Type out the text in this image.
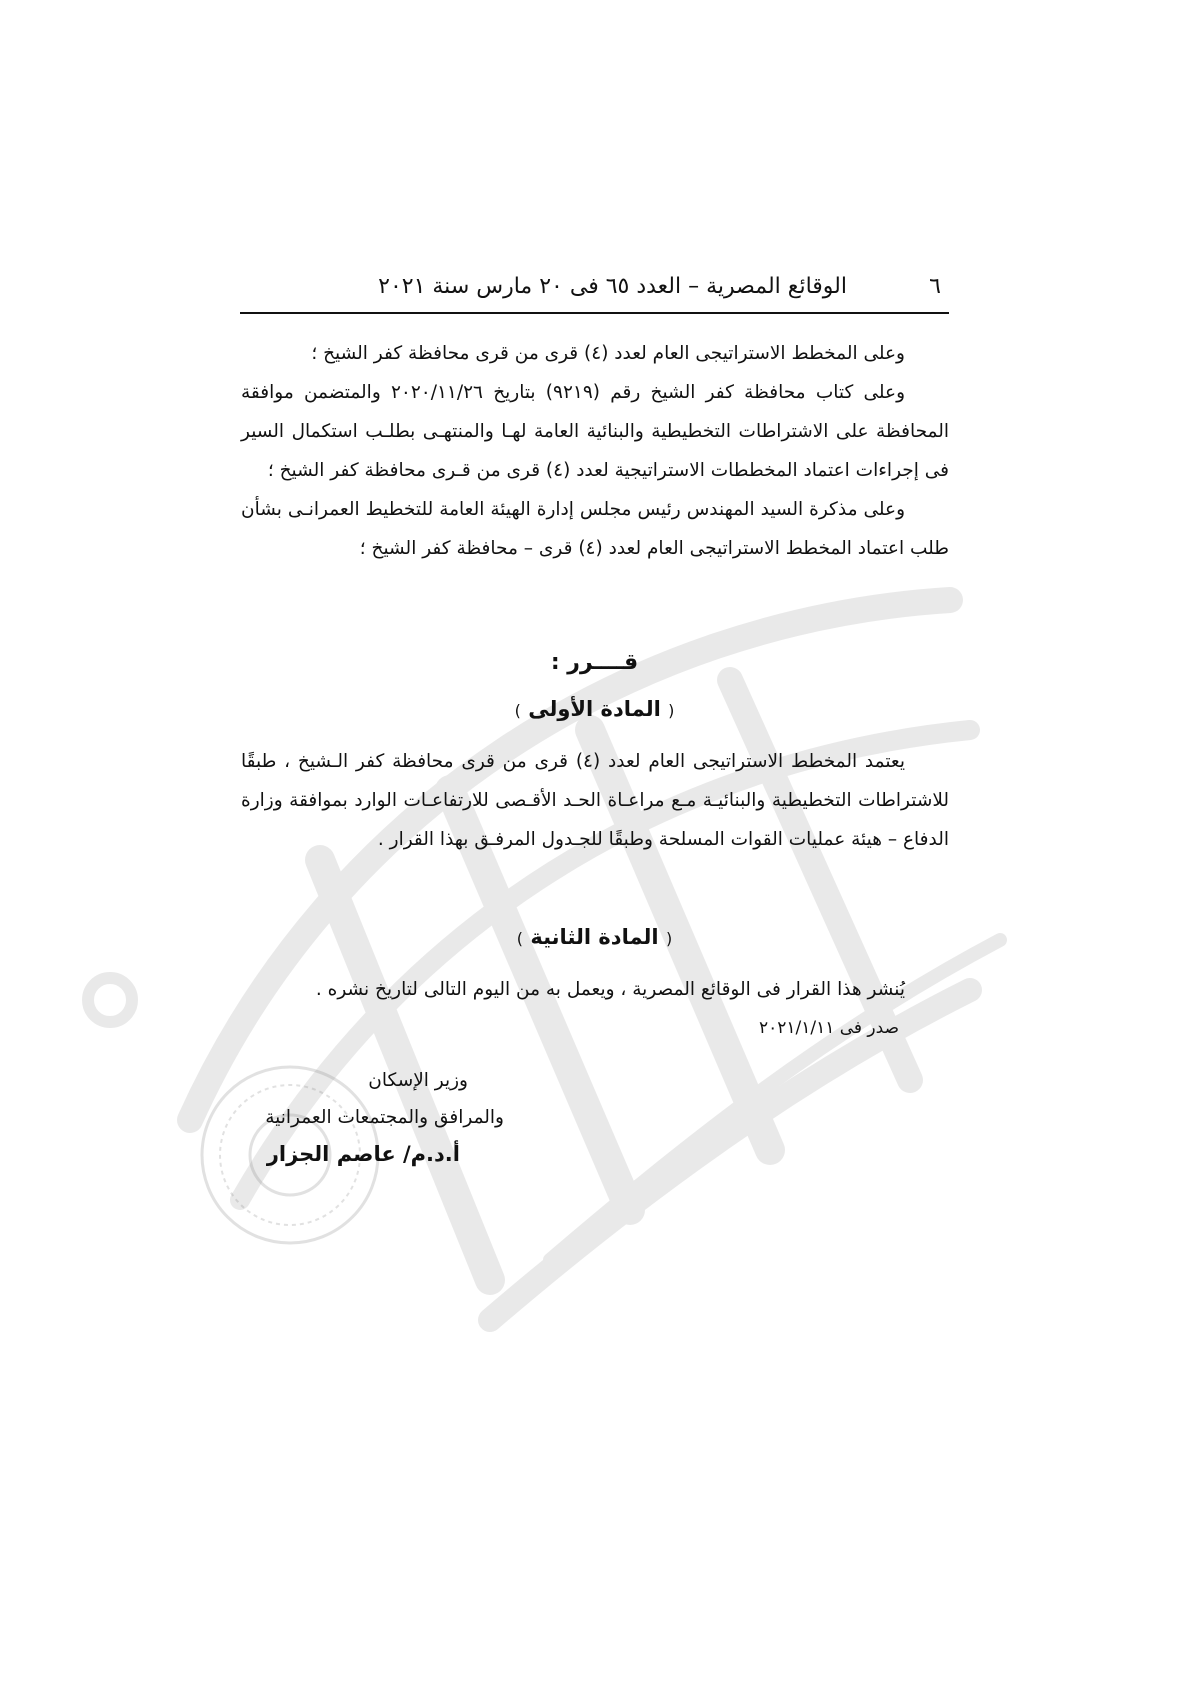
٦
الوقائع المصرية – العدد ٦٥ فى ٢٠ مارس سنة ٢٠٢١

وعلى المخطط الاستراتيجى العام لعدد (٤) قرى من قرى محافظة كفر الشيخ ؛

وعلى كتاب محافظة كفر الشيخ رقم (٩٢١٩) بتاريخ ٢٠٢٠/١١/٢٦ والمتضمن موافقة المحافظة على الاشتراطات التخطيطية والبنائية العامة لهـا والمنتهـى بطلـب استكمال السير فى إجراءات اعتماد المخططات الاستراتيجية لعدد (٤) قرى من قـرى محافظة كفر الشيخ ؛

وعلى مذكرة السيد المهندس رئيس مجلس إدارة الهيئة العامة للتخطيط العمرانـى بشأن طلب اعتماد المخطط الاستراتيجى العام لعدد (٤) قرى – محافظة كفر الشيخ ؛

قــــرر :
( المادة الأولى )

يعتمد المخطط الاستراتيجى العام لعدد (٤) قرى من قرى محافظة كفر الـشيخ ، طبقًا للاشتراطات التخطيطية والبنائيـة مـع مراعـاة الحـد الأقـصى للارتفاعـات الوارد بموافقة وزارة الدفاع – هيئة عمليات القوات المسلحة وطبقًا للجـدول المرفـق بهذا القرار .

( المادة الثانية )

يُنشر هذا القرار فى الوقائع المصرية ، ويعمل به من اليوم التالى لتاريخ نشره .

صدر فى ٢٠٢١/١/١١
وزير الإسكان
والمرافق والمجتمعات العمرانية
أ.د.م/ عاصم الجزار
